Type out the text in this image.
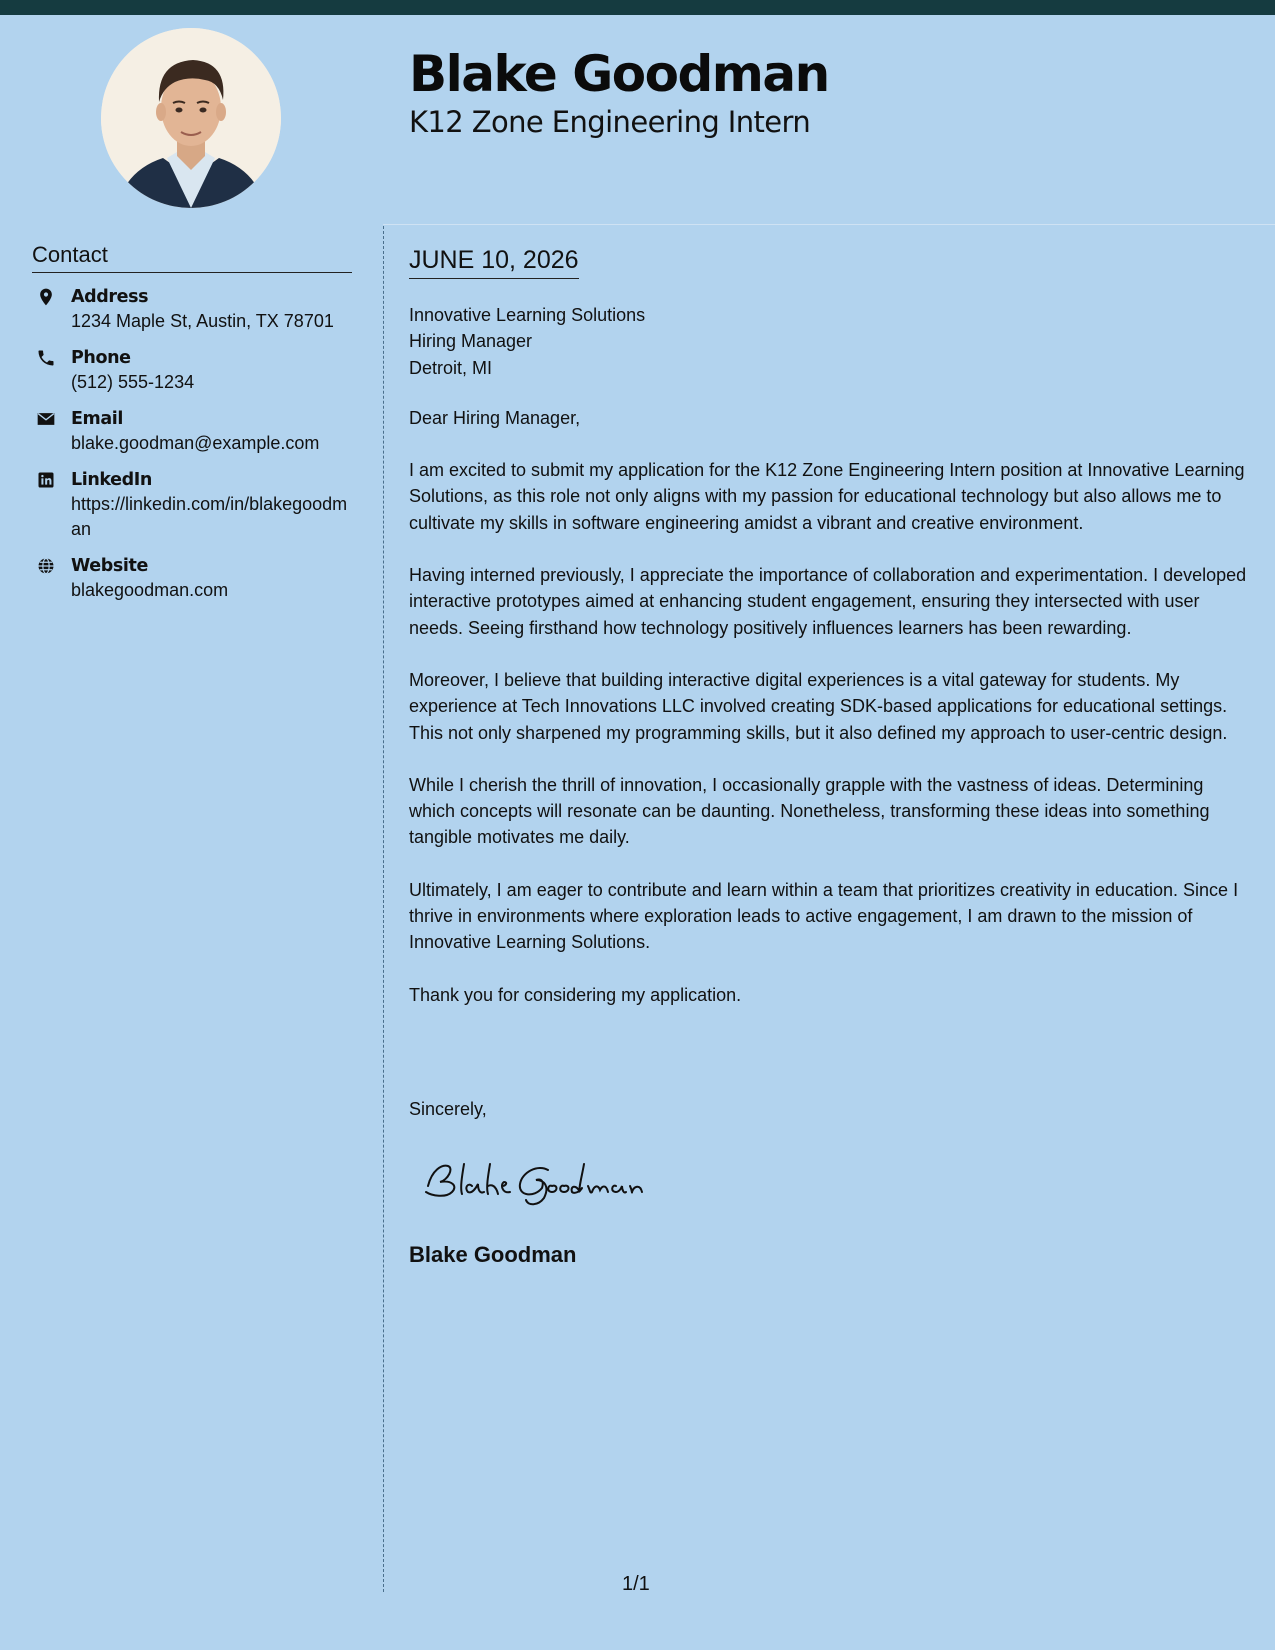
Blake Goodman
K12 Zone Engineering Intern
Contact
Address
1234 Maple St, Austin, TX 78701
Phone
(512) 555-1234
Email
blake.goodman@example.com
LinkedIn
https://linkedin.com/in/blakegoodman
Website
blakegoodman.com
JUNE 10, 2026

Innovative Learning Solutions

Hiring Manager

Detroit, MI

Dear Hiring Manager,

I am excited to submit my application for the K12 Zone Engineering Intern position at Innovative Learning Solutions, as this role not only aligns with my passion for educational technology but also allows me to cultivate my skills in software engineering amidst a vibrant and creative environment.

Having interned previously, I appreciate the importance of collaboration and experimentation. I developed interactive prototypes aimed at enhancing student engagement, ensuring they intersected with user needs. Seeing firsthand how technology positively influences learners has been rewarding.

Moreover, I believe that building interactive digital experiences is a vital gateway for students. My experience at Tech Innovations LLC involved creating SDK-based applications for educational settings. This not only sharpened my programming skills, but it also defined my approach to user-centric design.

While I cherish the thrill of innovation, I occasionally grapple with the vastness of ideas. Determining which concepts will resonate can be daunting. Nonetheless, transforming these ideas into something tangible motivates me daily.

Ultimately, I am eager to contribute and learn within a team that prioritizes creativity in education. Since I thrive in environments where exploration leads to active engagement, I am drawn to the mission of Innovative Learning Solutions.

Thank you for considering my application.

Sincerely,
Blake Goodman
1/1
